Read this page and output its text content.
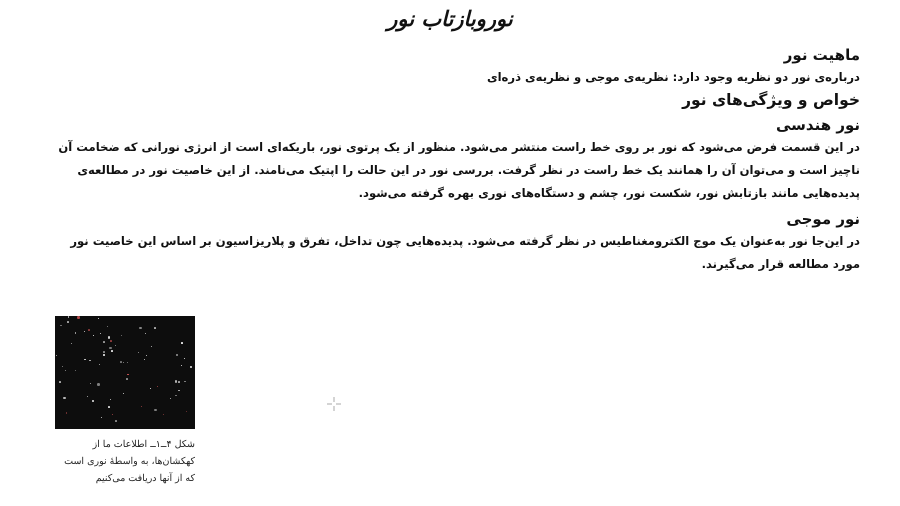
نوروبازتاب نور
ماهیت نور

درباره‌ی نور دو نظریه وجود دارد: نظریه‌ی موجی و نظریه‌ی ذره‌ای

خواص و ویژگی‌های نور
نور هندسی

در این قسمت فرض می‌شود که نور بر روی خط راست منتشر می‌شود. منظور از یک پرتوی نور، باریکه‌ای است از انرژی نورانی که ضخامت آن

ناچیز است و می‌توان آن را همانند یک خط راست در نظر گرفت. بررسی نور در این حالت را اپتیک می‌نامند. از این خاصیت نور در مطالعه‌ی

پدیده‌هایی مانند بازتابش نور، شکست نور، چشم و دستگاه‌های نوری بهره گرفته می‌شود.

نور موجی

در این‌جا نور به‌عنوان یک موج الکترومغناطیس در نظر گرفته می‌شود. پدیده‌هایی چون تداخل، تفرق و پلاریزاسیون بر اساس این خاصیت نور

مورد مطالعه قرار می‌گیرند.

شکل ۴ــ۱ــ اطلاعات ما از
کهکشان‌ها، به واسطهٔ نوری است
که از آنها دریافت می‌کنیم
